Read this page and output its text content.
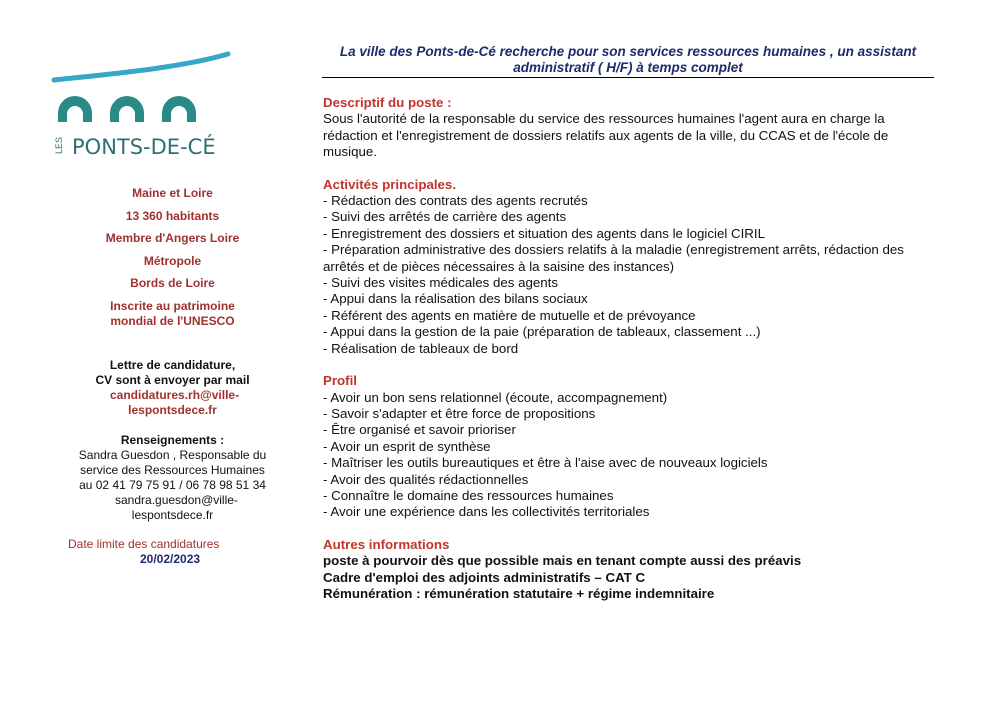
LES PONTS-DE-CÉ
Maine et Loire
13 360 habitants
Membre d'Angers Loire
Métropole
Bords de Loire
Inscrite au patrimoine mondial de l'UNESCO
Lettre de candidature,
CV sont à envoyer par mail
candidatures.rh@ville-lespontsdece.fr
Renseignements :
Sandra Guesdon , Responsable du service des Ressources Humaines
au 02 41 79 75 91 / 06 78 98 51 34
sandra.guesdon@ville-lespontsdece.fr
Date limite des candidatures
20/02/2023
La ville des Ponts-de-Cé recherche pour son services ressources humaines , un assistant administratif ( H/F) à temps complet
Descriptif du poste :
Sous l'autorité de la responsable du service des ressources humaines l'agent aura en charge la rédaction et l'enregistrement de dossiers relatifs aux agents de la ville, du CCAS et de l'école de musique.
Activités principales.
- Rédaction des contrats des agents recrutés
- Suivi des arrêtés de carrière des agents
- Enregistrement des dossiers et situation des agents dans le logiciel CIRIL
- Préparation administrative des dossiers relatifs à la maladie (enregistrement arrêts, rédaction des arrêtés et de pièces nécessaires à la saisine des instances)
- Suivi des visites médicales des agents
- Appui dans la réalisation des bilans sociaux
- Référent des agents en matière de mutuelle et de prévoyance
- Appui dans la gestion de la paie (préparation de tableaux, classement ...)
- Réalisation de tableaux de bord
Profil
- Avoir un bon sens relationnel (écoute, accompagnement)
- Savoir s'adapter et être force de propositions
- Être organisé et savoir prioriser
- Avoir un esprit de synthèse
- Maîtriser les outils bureautiques et être à l'aise avec de nouveaux logiciels
- Avoir des qualités rédactionnelles
- Connaître le domaine des ressources humaines
- Avoir une expérience dans les collectivités territoriales
Autres informations
poste à pourvoir dès que possible mais en tenant compte aussi des préavis
Cadre d'emploi des adjoints administratifs – CAT C
Rémunération : rémunération statutaire + régime indemnitaire
